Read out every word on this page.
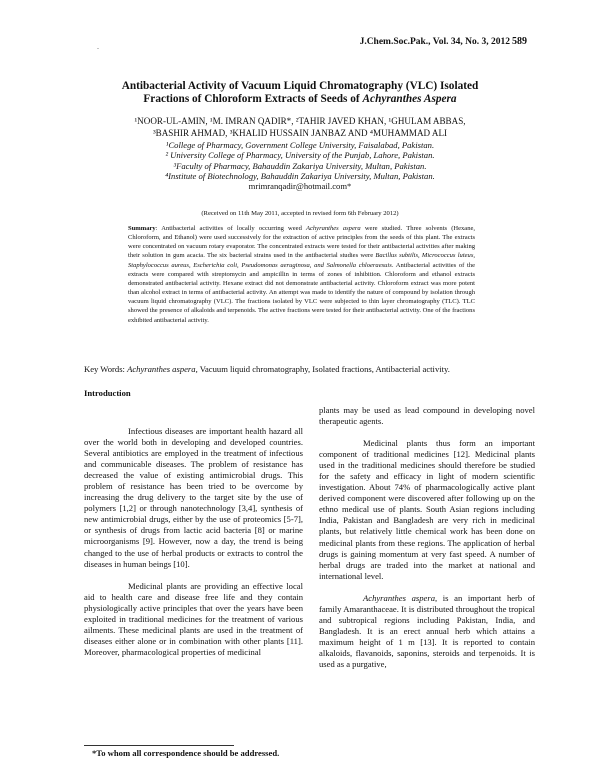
.	J.Chem.Soc.Pak., Vol. 34, No. 3, 2012 589
Antibacterial Activity of Vacuum Liquid Chromatography (VLC) Isolated
Fractions of Chloroform Extracts of Seeds of Achyranthes Aspera
¹NOOR-UL-AMIN, ¹M. IMRAN QADIR*, ²TAHIR JAVED KHAN, ¹GHULAM ABBAS,
³BASHIR AHMAD, ³KHALID HUSSAIN JANBAZ AND ⁴MUHAMMAD ALI
¹College of Pharmacy, Government College University, Faisalabad, Pakistan.
² University College of Pharmacy, University of the Punjab, Lahore, Pakistan.
³Faculty of Pharmacy, Bahauddin Zakariya University, Multan, Pakistan.
⁴Institute of Biotechnology, Bahauddin Zakariya University, Multan, Pakistan.
mrimranqadir@hotmail.com*
(Received on 11th May 2011, accepted in revised form 6th February 2012)
Summary: Antibacterial activities of locally occurring weed Achyranthes aspera were studied. Three solvents (Hexane, Chloroform, and Ethanol) were used successively for the extraction of active principles from the seeds of this plant. The extracts were concentrated on vacuum rotary evaporator. The concentrated extracts were tested for their antibacterial activities after making their solution in gum acacia. The six bacterial strains used in the antibacterial studies were Bacillus subtilis, Micrococcus luteus, Staphylococcus aureus, Escherichia coli, Pseudomonas aeruginosa, and Salmonella chloeraesuis. Antibacterial activities of the extracts were compared with streptomycin and ampicillin in terms of zones of inhibition. Chloroform and ethanol extracts demonstrated antibacterial activity. Hexane extract did not demonstrate antibacterial activity. Chloroform extract was more potent than alcohol extract in terms of antibacterial activity. An attempt was made to identify the nature of compound by isolation through vacuum liquid chromatography (VLC). The fractions isolated by VLC were subjected to thin layer chromatography (TLC). TLC showed the presence of alkaloids and terpenoids. The active fractions were tested for their antibacterial activity. One of the fractions exhibited antibacterial activity.
Key Words: Achyranthes aspera, Vacuum liquid chromatography, Isolated fractions, Antibacterial activity.
Introduction

Infectious diseases are important health hazard all over the world both in developing and developed countries. Several antibiotics are employed in the treatment of infectious and communicable diseases. The problem of resistance has decreased the value of existing antimicrobial drugs. This problem of resistance has been tried to be overcome by increasing the drug delivery to the target site by the use of polymers [1,2] or through nanotechnology [3,4], synthesis of new antimicrobial drugs, either by the use of proteomics [5-7], or synthesis of drugs from lactic acid bacteria [8] or marine microorganisms [9]. However, now a day, the trend is being changed to the use of herbal products or extracts to control the diseases in human beings [10].

Medicinal plants are providing an effective local aid to health care and disease free life and they contain physiologically active principles that over the years have been exploited in traditional medicines for the treatment of various ailments. These medicinal plants are used in the treatment of diseases either alone or in combination with other plants [11]. Moreover, pharmacological properties of medicinal

plants may be used as lead compound in developing novel therapeutic agents.

Medicinal plants thus form an important component of traditional medicines [12]. Medicinal plants used in the traditional medicines should therefore be studied for the safety and efficacy in light of modern scientific investigation. About 74% of pharmacologically active plant derived component were discovered after following up on the ethno medical use of plants. South Asian regions including India, Pakistan and Bangladesh are very rich in medicinal plants, but relatively little chemical work has been done on medicinal plants from these regions. The application of herbal drugs is gaining momentum at very fast speed. A number of herbal drugs are traded into the market at national and international level.

Achyranthes aspera, is an important herb of family Amaranthaceae. It is distributed throughout the tropical and subtropical regions including Pakistan, India, and Bangladesh. It is an erect annual herb which attains a maximum height of 1 m [13]. It is reported to contain alkaloids, flavanoids, saponins, steroids and terpenoids. It is used as a purgative,

*To whom all correspondence should be addressed.
